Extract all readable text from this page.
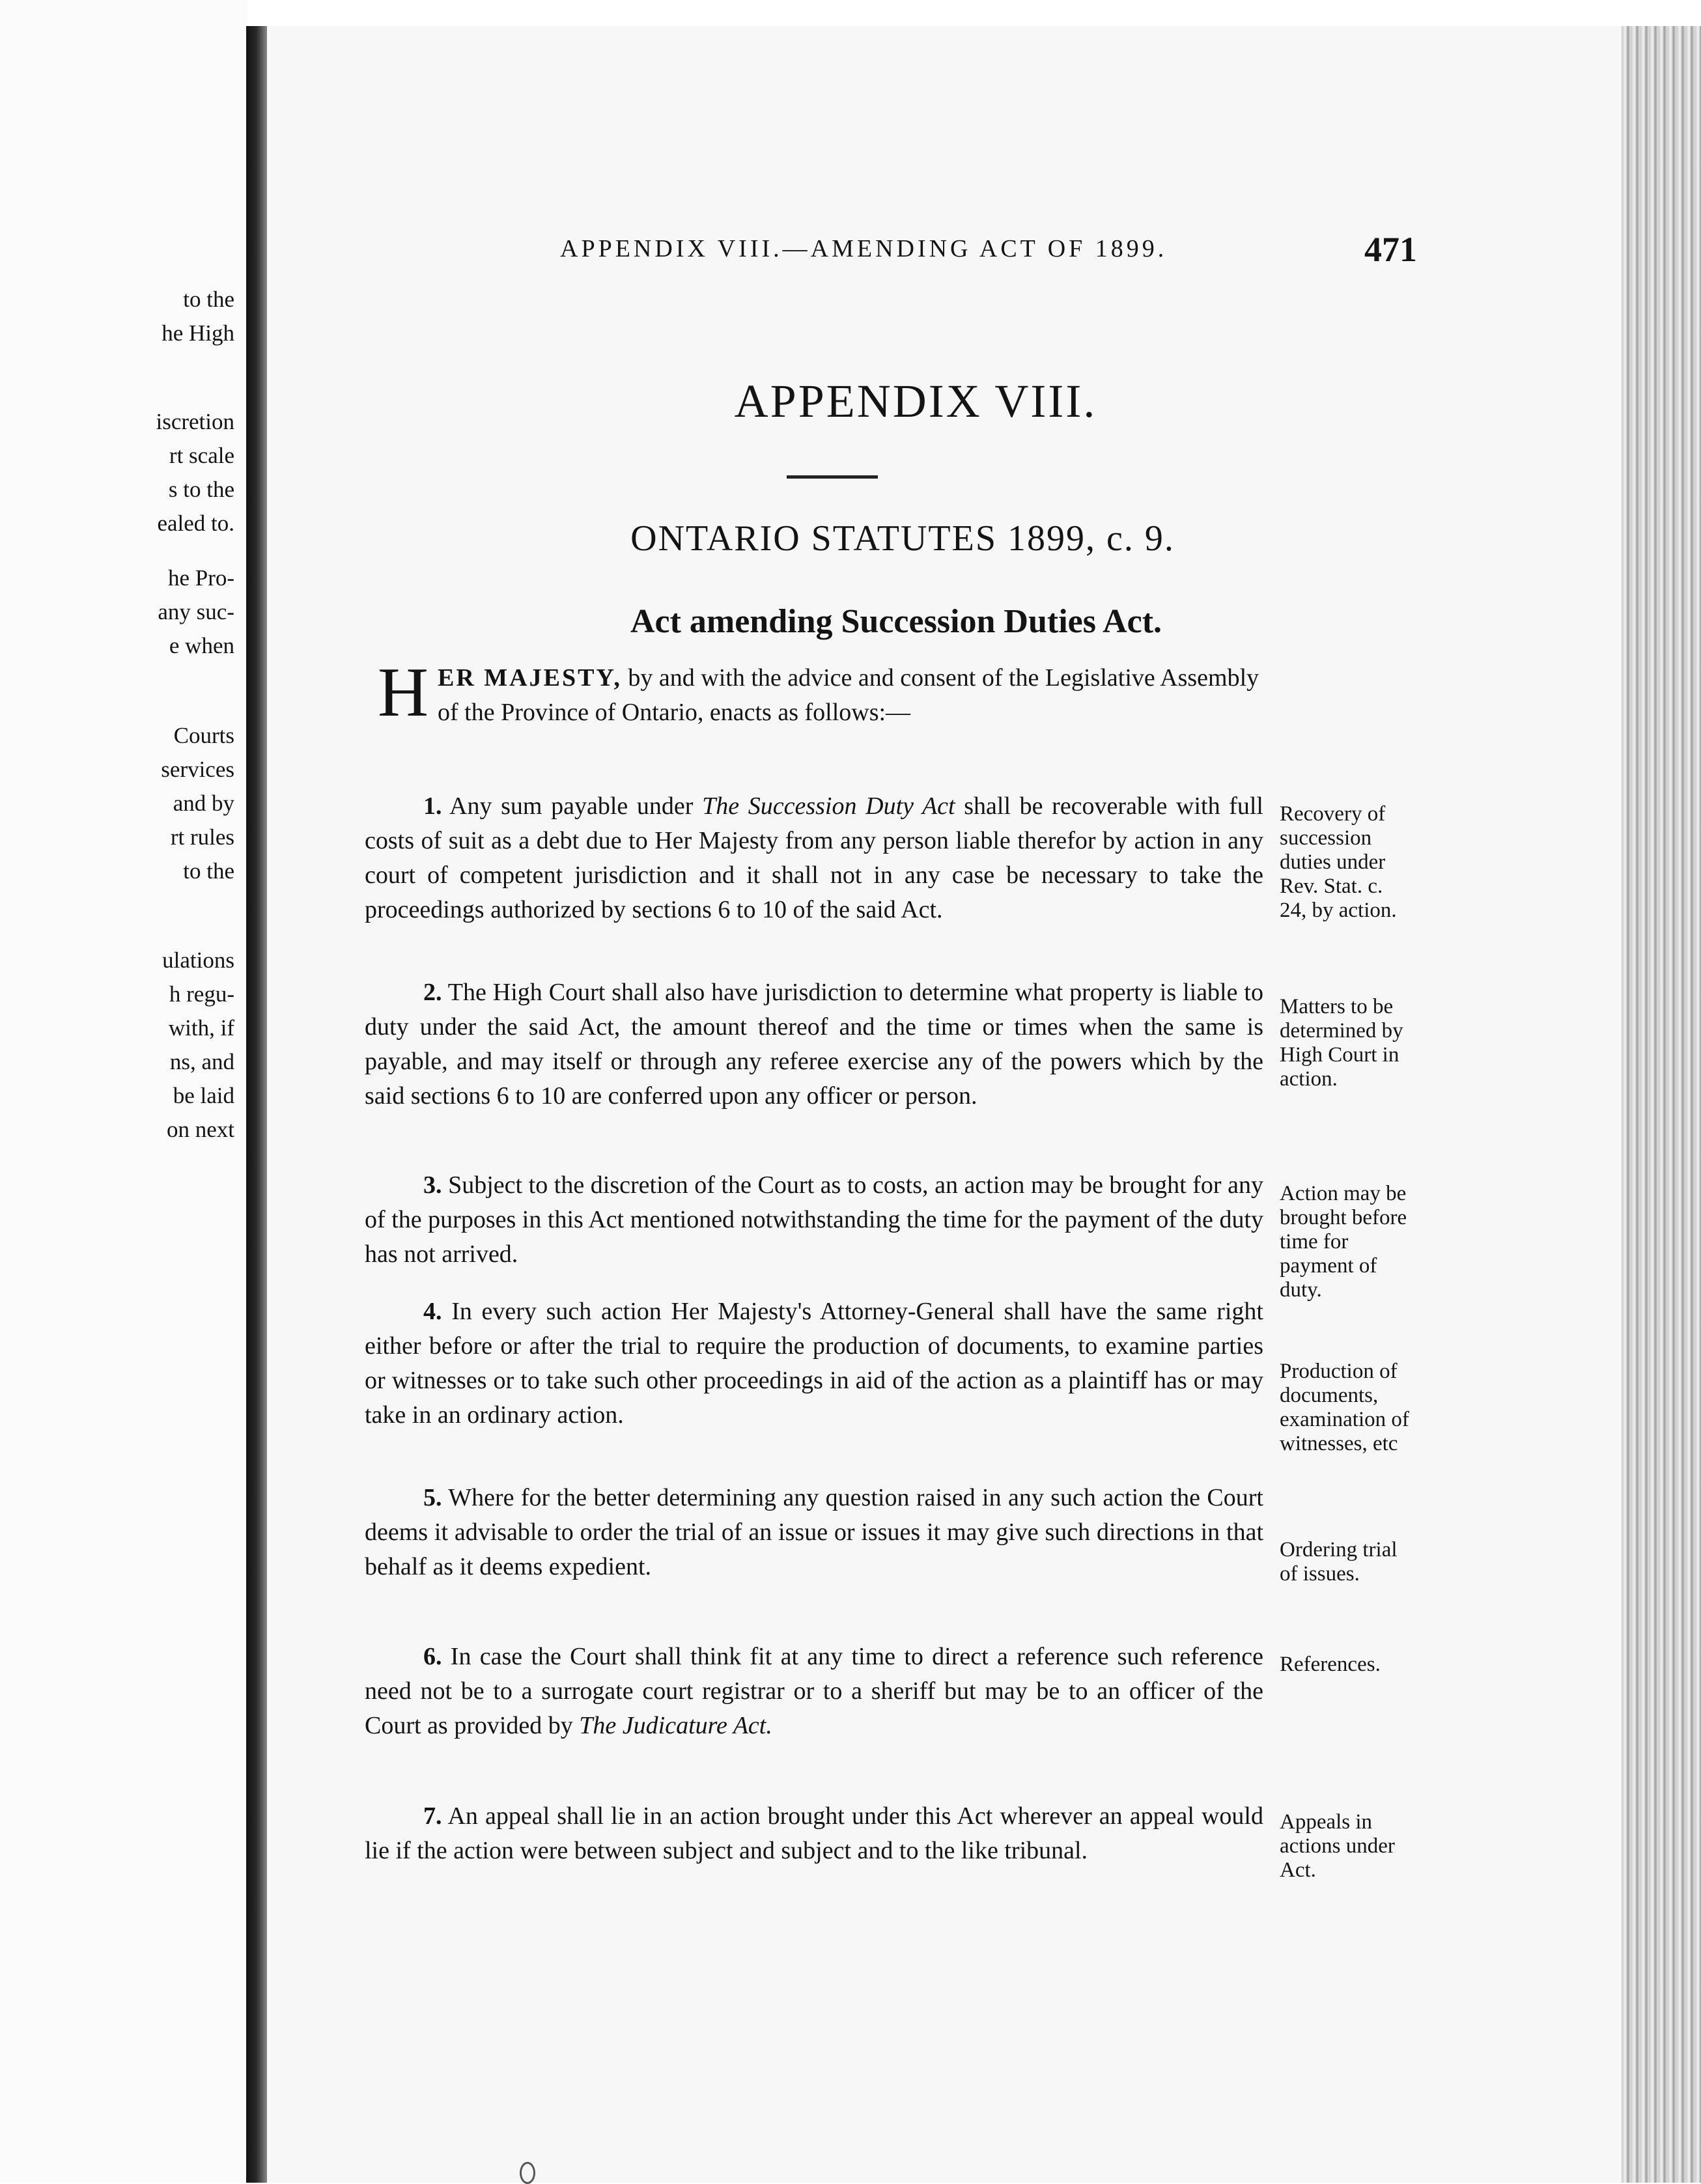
to the
he High
iscretion
rt scale
s to the
ealed to.
he Pro-
any suc-
e when
Courts
services
and by
rt rules
to the
ulations
h regu-
with, if
ns, and
be laid
on next
APPENDIX VIII.—AMENDING ACT OF 1899.	471
APPENDIX VIII.
ONTARIO STATUTES 1899, c. 9.
Act amending Succession Duties Act.
HER MAJESTY, by and with the advice and consent of the Legislative Assembly of the Province of Ontario, enacts as follows:—
1. Any sum payable under The Succession Duty Act shall be recoverable with full costs of suit as a debt due to Her Majesty from any person liable therefor by action in any court of competent jurisdiction and it shall not in any case be necessary to take the proceedings authorized by sections 6 to 10 of the said Act.
2. The High Court shall also have jurisdiction to determine what property is liable to duty under the said Act, the amount thereof and the time or times when the same is payable, and may itself or through any referee exercise any of the powers which by the said sections 6 to 10 are conferred upon any officer or person.
3. Subject to the discretion of the Court as to costs, an action may be brought for any of the purposes in this Act mentioned notwithstanding the time for the payment of the duty has not arrived.
4. In every such action Her Majesty's Attorney-General shall have the same right either before or after the trial to require the production of documents, to examine parties or witnesses or to take such other proceedings in aid of the action as a plaintiff has or may take in an ordinary action.
5. Where for the better determining any question raised in any such action the Court deems it advisable to order the trial of an issue or issues it may give such directions in that behalf as it deems expedient.
6. In case the Court shall think fit at any time to direct a reference such reference need not be to a surrogate court registrar or to a sheriff but may be to an officer of the Court as provided by The Judicature Act.
7. An appeal shall lie in an action brought under this Act wherever an appeal would lie if the action were between subject and subject and to the like tribunal.
Recovery of succession duties under Rev. Stat. c. 24, by action.
Matters to be determined by High Court in action.
Action may be brought before time for payment of duty.
Production of documents, examination of witnesses, etc
Ordering trial of issues.
References.
Appeals in actions under Act.
